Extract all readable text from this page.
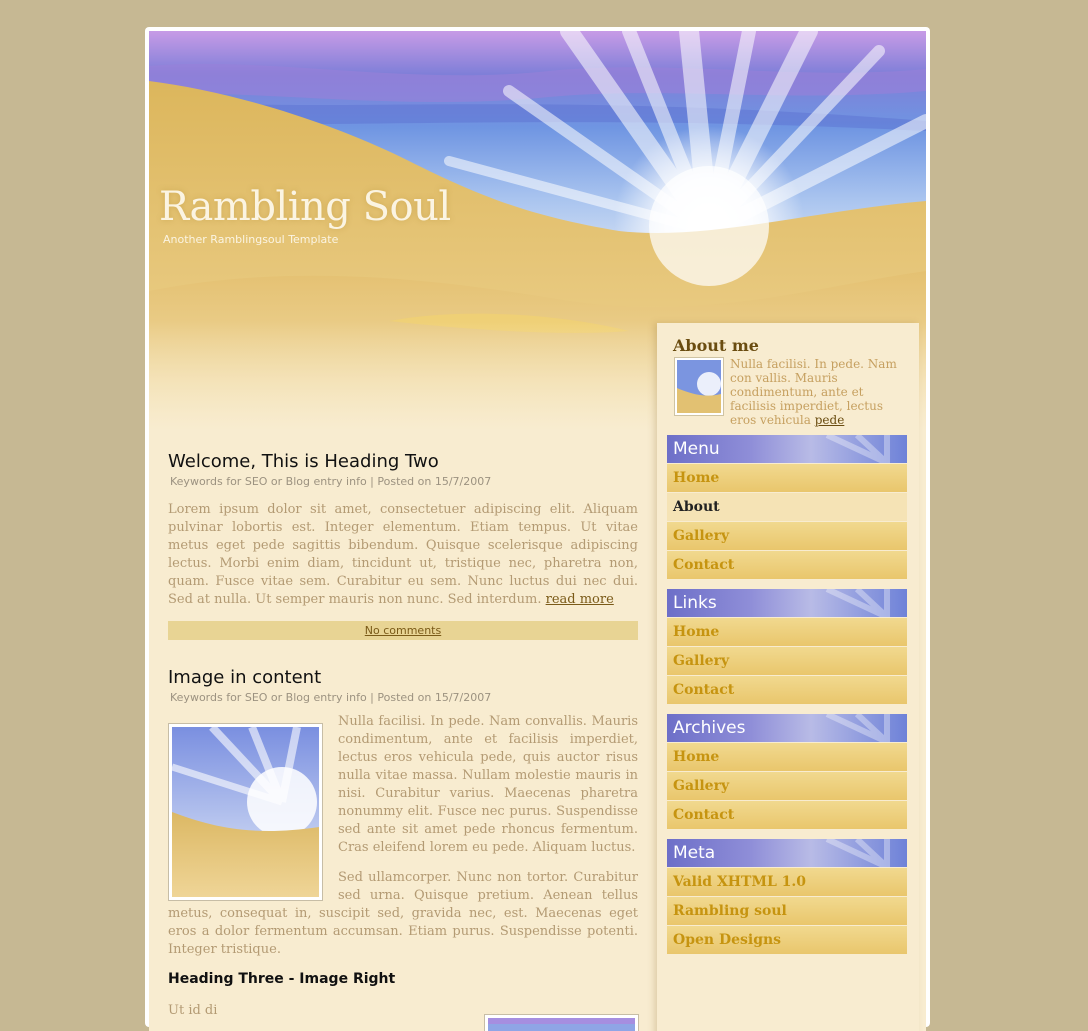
Rambling Soul
Another Ramblingsoul Template
Welcome, This is Heading Two
Keywords for SEO or Blog entry info | Posted on 15/7/2007
Lorem ipsum dolor sit amet, consectetuer adipiscing elit. Aliquam pulvinar lobortis est. Integer elementum. Etiam tempus. Ut vitae metus eget pede sagittis bibendum. Quisque scelerisque adipiscing lectus. Morbi enim diam, tincidunt ut, tristique nec, pharetra non, quam. Fusce vitae sem. Curabitur eu sem. Nunc luctus dui nec dui. Sed at nulla. Ut semper mauris non nunc. Sed interdum. read more
No comments
Image in content
Keywords for SEO or Blog entry info | Posted on 15/7/2007

Nulla facilisi. In pede. Nam convallis. Mauris condimentum, ante et facilisis imperdiet, lectus eros vehicula pede, quis auctor risus nulla vitae massa. Nullam molestie mauris in nisi. Curabitur varius. Maecenas pharetra nonummy elit. Fusce nec purus. Suspendisse sed ante sit amet pede rhoncus fermentum. Cras eleifend lorem eu pede. Aliquam luctus.

Sed ullamcorper. Nunc non tortor. Curabitur sed urna. Quisque pretium. Aenean tellus metus, consequat in, suscipit sed, gravida nec, est. Maecenas eget eros a dolor fermentum accumsan. Etiam purus. Suspendisse potenti. Integer tristique.

Heading Three - Image Right
Ut id di
About me
Nulla facilisi. In pede. Nam con vallis. Mauris condimentum, ante et facilisis imperdiet, lectus eros vehicula pede
Menu
Home
About
Gallery
Contact
Links
Home
Gallery
Contact
Archives
Home
Gallery
Contact
Meta
Valid XHTML 1.0
Rambling soul
Open Designs
